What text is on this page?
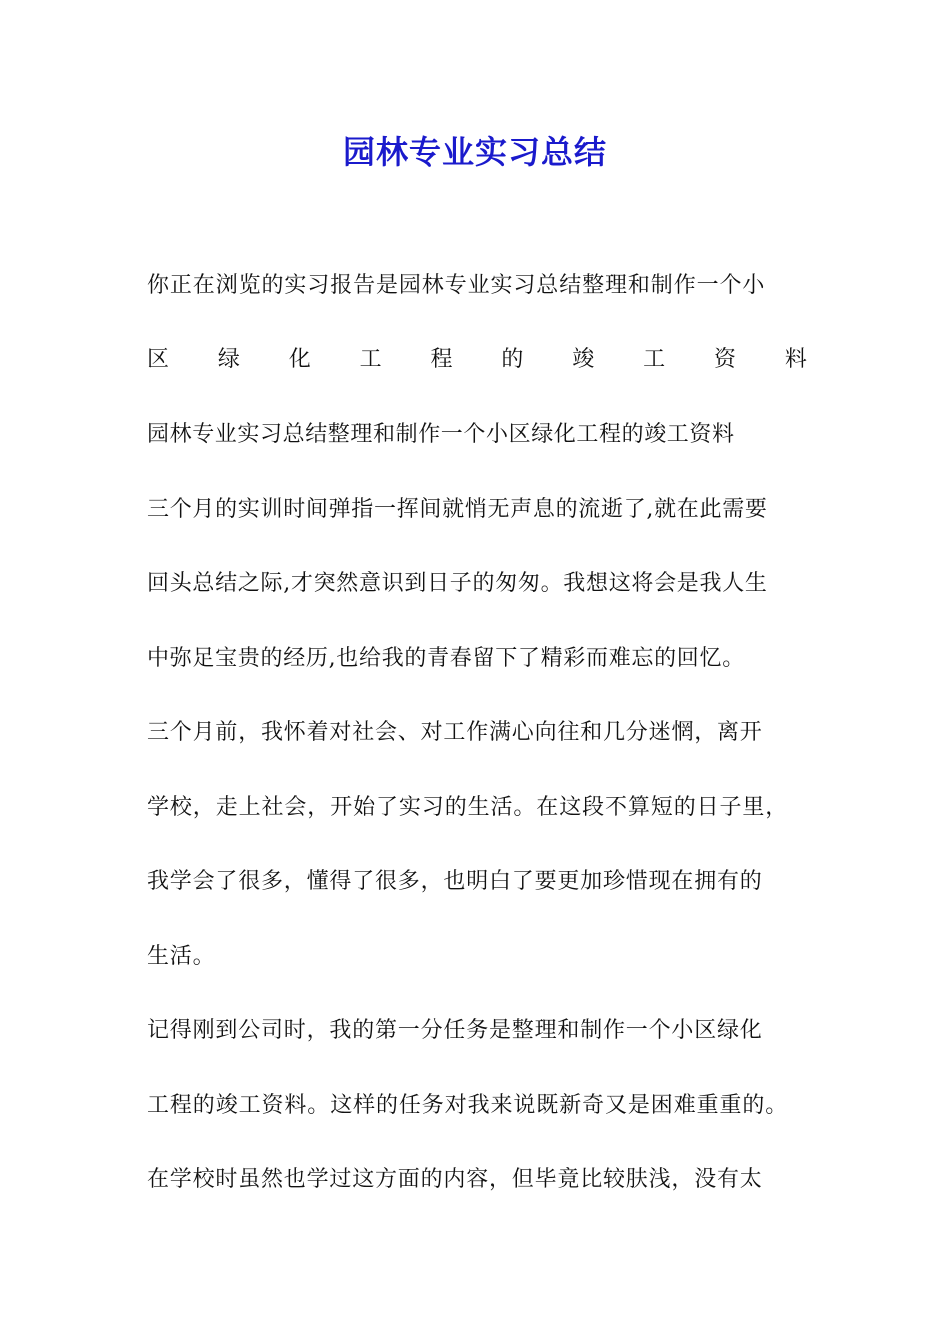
园林专业实习总结

你正在浏览的实习报告是园林专业实习总结整理和制作一个小

区 绿 化 工 程 的 竣 工 资 料

园林专业实习总结整理和制作一个小区绿化工程的竣工资料

三个月的实训时间弹指一挥间就悄无声息的流逝了,就在此需要

回头总结之际,才突然意识到日子的匆匆。我想这将会是我人生

中弥足宝贵的经历,也给我的青春留下了精彩而难忘的回忆。

三个月前，我怀着对社会、对工作满心向往和几分迷惘，离开

学校，走上社会，开始了实习的生活。在这段不算短的日子里，

我学会了很多，懂得了很多，也明白了要更加珍惜现在拥有的

生活。

记得刚到公司时，我的第一分任务是整理和制作一个小区绿化

工程的竣工资料。这样的任务对我来说既新奇又是困难重重的。

在学校时虽然也学过这方面的内容，但毕竟比较肤浅，没有太
